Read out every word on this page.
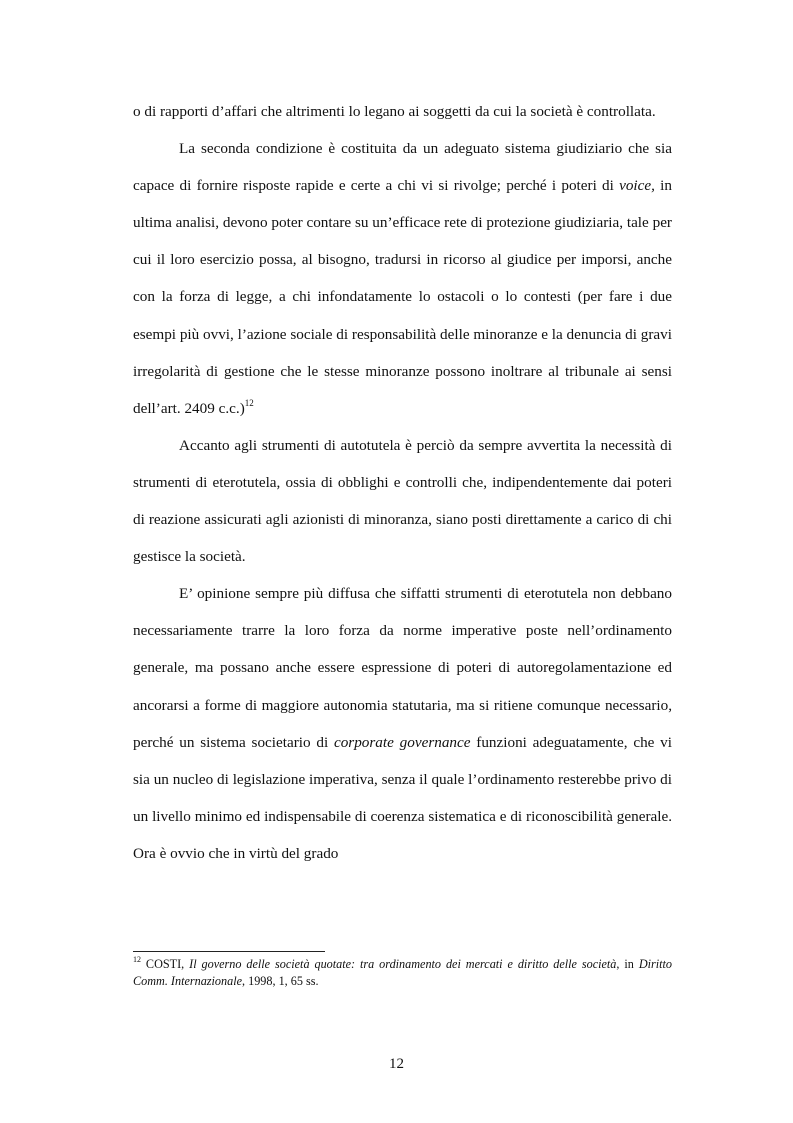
o di rapporti d’affari che altrimenti lo legano ai soggetti da cui la società è controllata.

La seconda condizione è costituita da un adeguato sistema giudiziario che sia capace di fornire risposte rapide e certe a chi vi si rivolge; perché i poteri di voice, in ultima analisi, devono poter contare su un’efficace rete di protezione giudiziaria, tale per cui il loro esercizio possa, al bisogno, tradursi in ricorso al giudice per imporsi, anche con la forza di legge, a chi infondatamente lo ostacoli o lo contesti (per fare i due esempi più ovvi, l’azione sociale di responsabilità delle minoranze e la denuncia di gravi irregolarità di gestione che le stesse minoranze possono inoltrare al tribunale ai sensi dell’art. 2409 c.c.)$^{12}$

Accanto agli strumenti di autotutela è perciò da sempre avvertita la necessità di strumenti di eterotutela, ossia di obblighi e controlli che, indipendentemente dai poteri di reazione assicurati agli azionisti di minoranza, siano posti direttamente a carico di chi gestisce la società.

E’ opinione sempre più diffusa che siffatti strumenti di eterotutela non debbano necessariamente trarre la loro forza da norme imperative poste nell’ordinamento generale, ma possano anche essere espressione di poteri di autoregolamentazione ed ancorarsi a forme di maggiore autonomia statutaria, ma si ritiene comunque necessario, perché un sistema societario di corporate governance funzioni adeguatamente, che vi sia un nucleo di legislazione imperativa, senza il quale l’ordinamento resterebbe privo di un livello minimo ed indispensabile di coerenza sistematica e di riconoscibilità generale. Ora è ovvio che in virtù del grado

$^{12}$ COSTI, Il governo delle società quotate: tra ordinamento dei mercati e diritto delle società, in Diritto Comm. Internazionale, 1998, 1, 65 ss.

12
